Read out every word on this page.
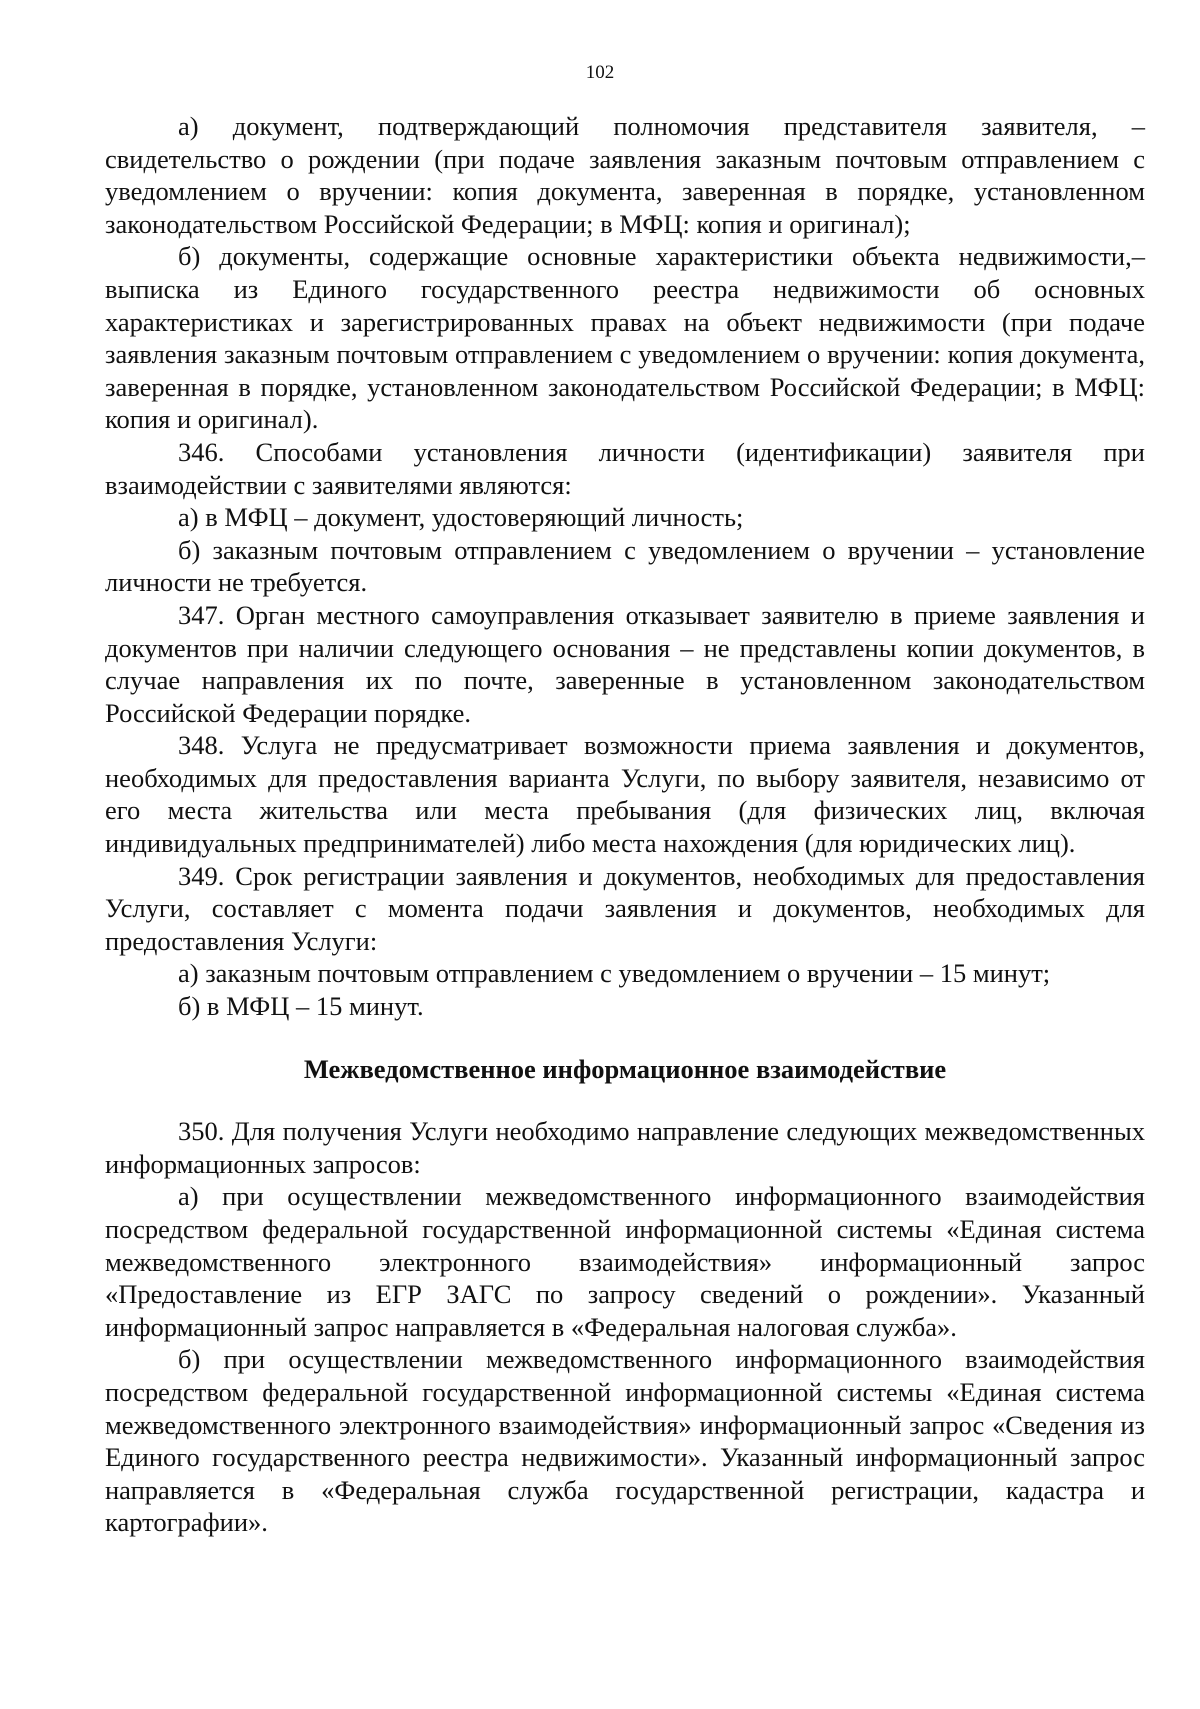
102

а) документ, подтверждающий полномочия представителя заявителя, – свидетельство о рождении (при подаче заявления заказным почтовым отправлением с уведомлением о вручении: копия документа, заверенная в порядке, установленном законодательством Российской Федерации; в МФЦ: копия и оригинал);

б) документы, содержащие основные характеристики объекта недвижимости,– выписка из Единого государственного реестра недвижимости об основных характеристиках и зарегистрированных правах на объект недвижимости (при подаче заявления заказным почтовым отправлением с уведомлением о вручении: копия документа, заверенная в порядке, установленном законодательством Российской Федерации; в МФЦ: копия и оригинал).

346. Способами установления личности (идентификации) заявителя при взаимодействии с заявителями являются:

а) в МФЦ – документ, удостоверяющий личность;

б) заказным почтовым отправлением с уведомлением о вручении – установление личности не требуется.

347. Орган местного самоуправления отказывает заявителю в приеме заявления и документов при наличии следующего основания – не представлены копии документов, в случае направления их по почте, заверенные в установленном законодательством Российской Федерации порядке.

348. Услуга не предусматривает возможности приема заявления и документов, необходимых для предоставления варианта Услуги, по выбору заявителя, независимо от его места жительства или места пребывания (для физических лиц, включая индивидуальных предпринимателей) либо места нахождения (для юридических лиц).

349. Срок регистрации заявления и документов, необходимых для предоставления Услуги, составляет с момента подачи заявления и документов, необходимых для предоставления Услуги:

а) заказным почтовым отправлением с уведомлением о вручении – 15 минут;

б) в МФЦ – 15 минут.

Межведомственное информационное взаимодействие

350. Для получения Услуги необходимо направление следующих межведомственных информационных запросов:

а) при осуществлении межведомственного информационного взаимодействия посредством федеральной государственной информационной системы «Единая система межведомственного электронного взаимодействия» информационный запрос «Предоставление из ЕГР ЗАГС по запросу сведений о рождении». Указанный информационный запрос направляется в «Федеральная налоговая служба».

б) при осуществлении межведомственного информационного взаимодействия посредством федеральной государственной информационной системы «Единая система межведомственного электронного взаимодействия» информационный запрос «Сведения из Единого государственного реестра недвижимости». Указанный информационный запрос направляется в «Федеральная служба государственной регистрации, кадастра и картографии».
